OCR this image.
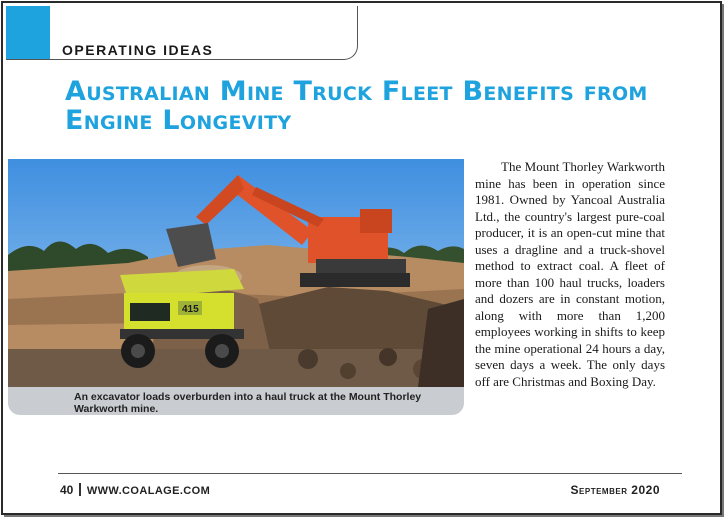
OPERATING IDEAS
Australian Mine Truck Fleet Benefits from Engine Longevity
415
An excavator loads overburden into a haul truck at the Mount Thorley Warkworth mine.

The Mount Thorley Warkworth mine has been in operation since 1981. Owned by Yancoal Australia Ltd., the country's largest pure-coal producer, it is an open-cut mine that uses a dragline and a truck-shovel method to extract coal. A fleet of more than 100 haul trucks, loaders and dozers are in constant motion, along with more than 1,200 employees working in shifts to keep the mine operational 24 hours a day, seven days a week. The only days off are Christmas and Boxing Day.

40 WWW.COALAGE.COM	September 2020
